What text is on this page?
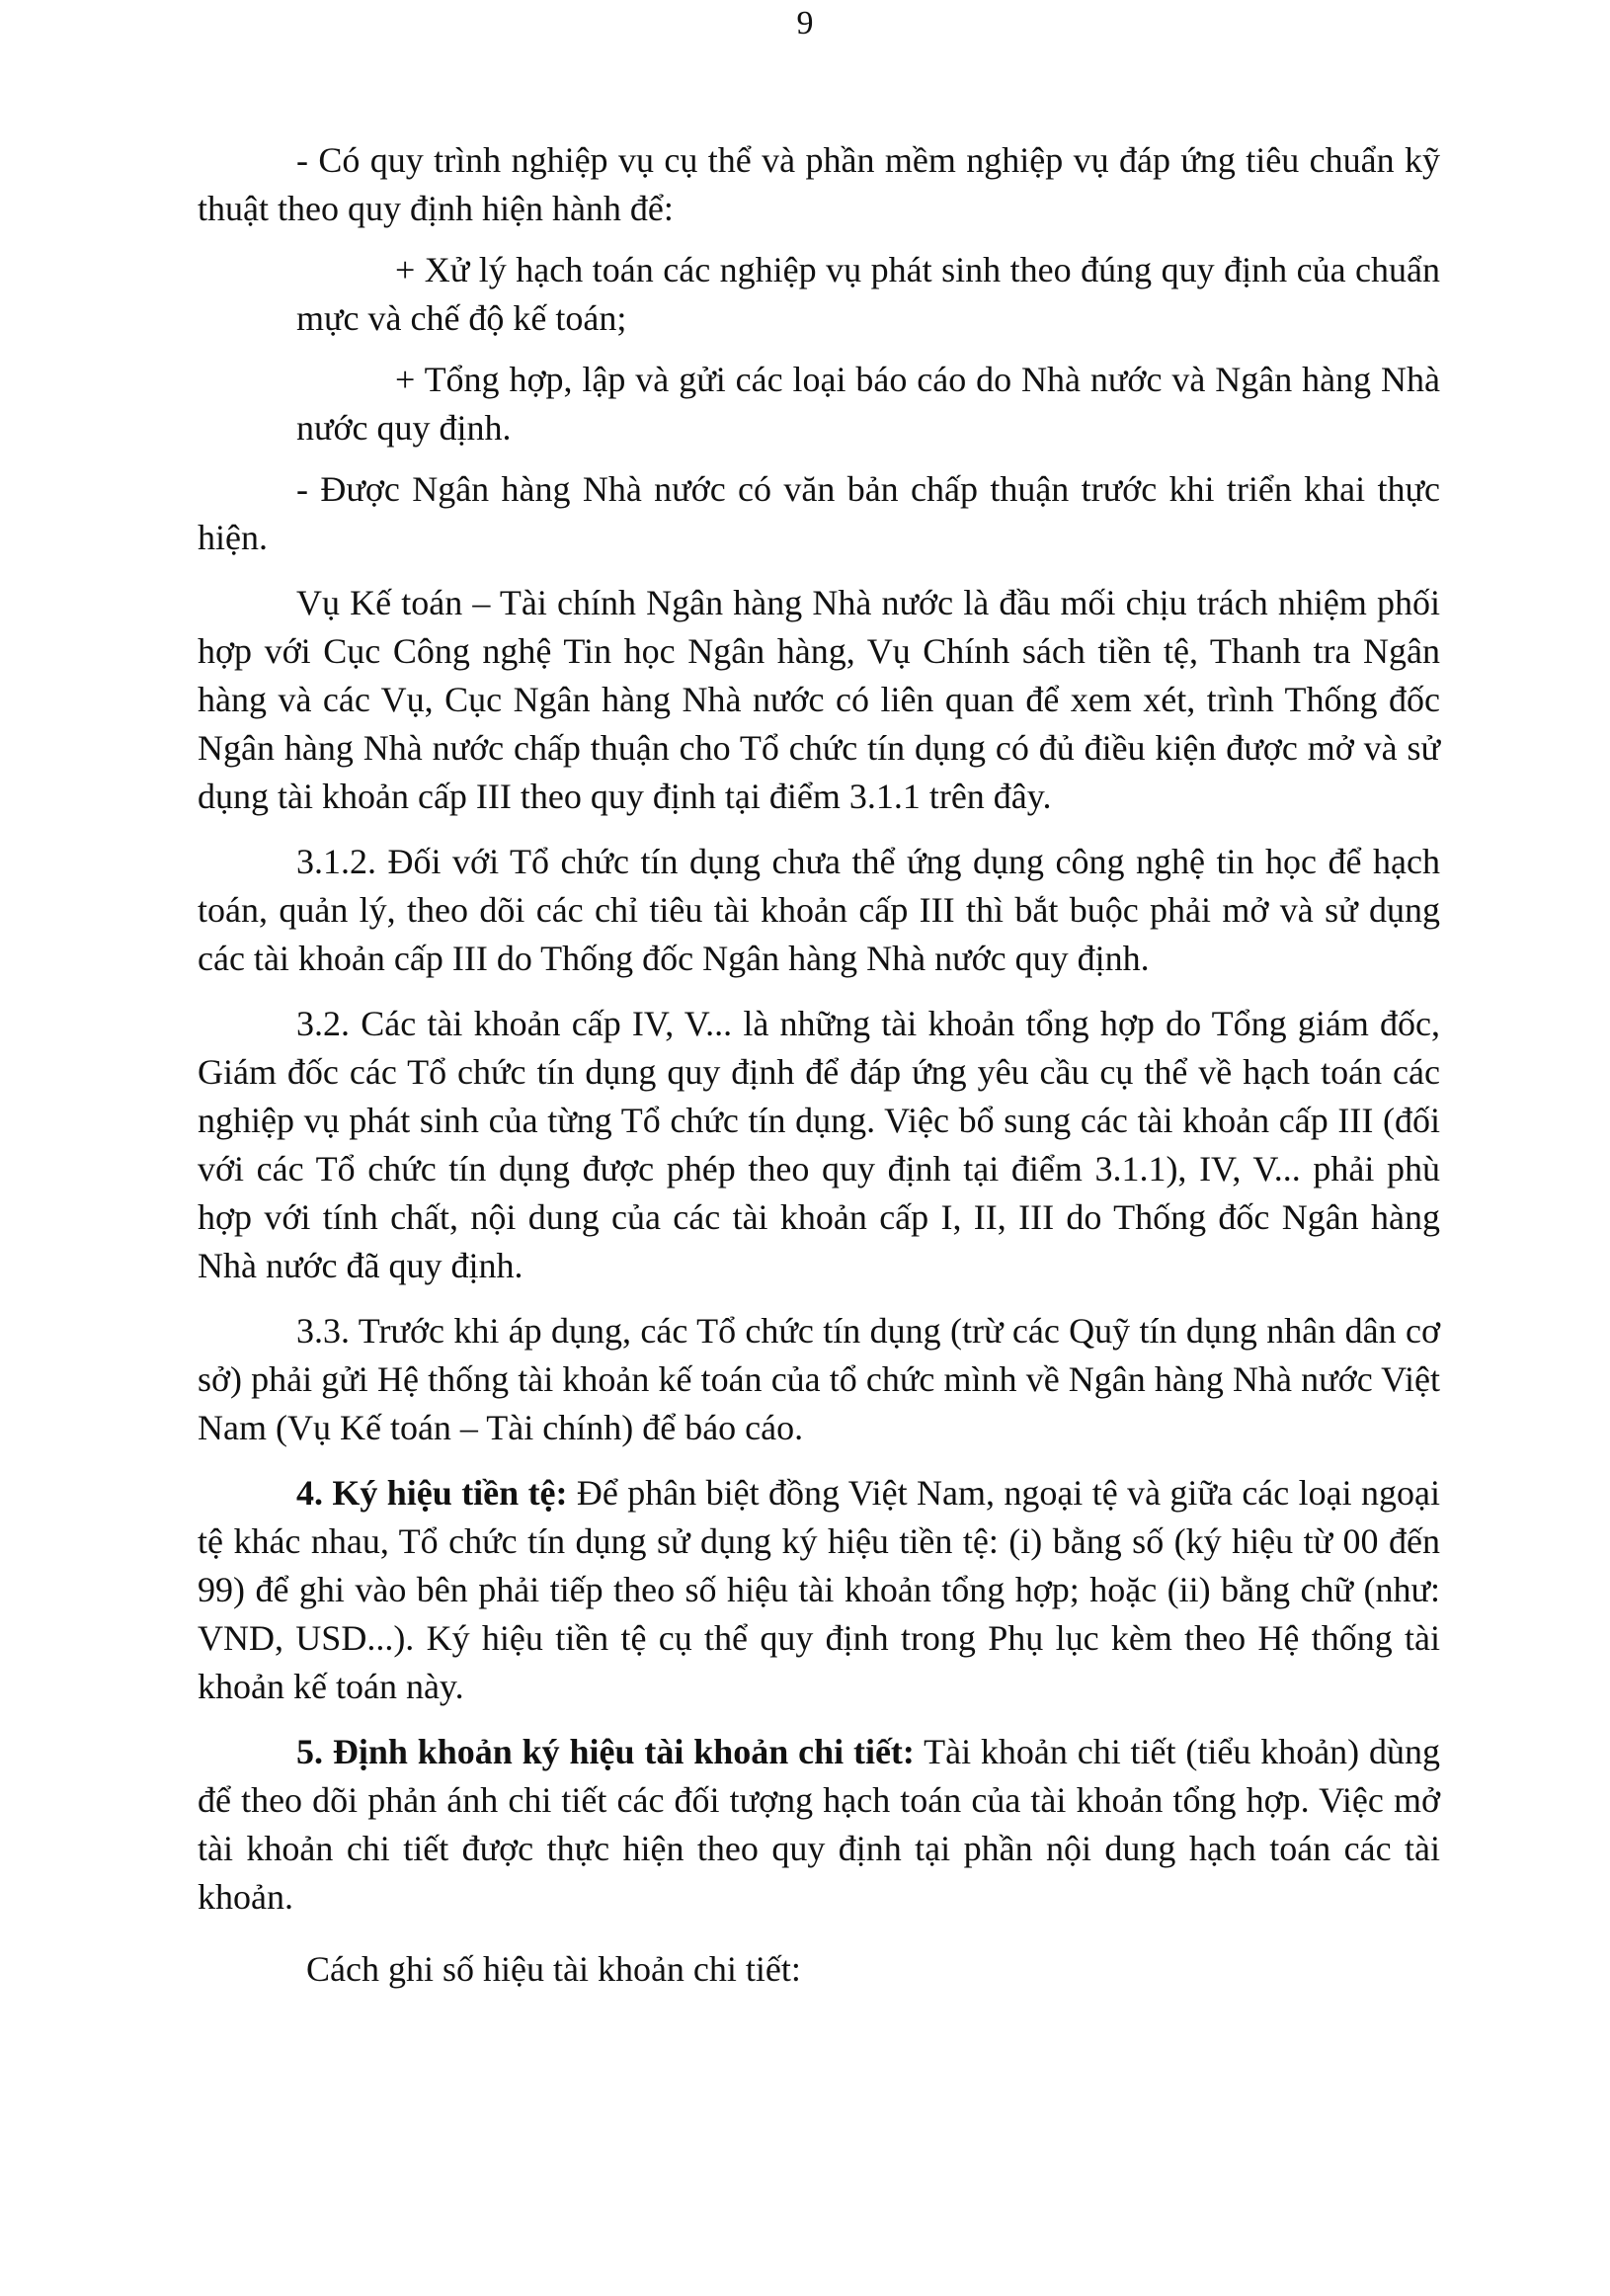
9

- Có quy trình nghiệp vụ cụ thể và phần mềm nghiệp vụ đáp ứng tiêu chuẩn kỹ thuật theo quy định hiện hành để:

+ Xử lý hạch toán các nghiệp vụ phát sinh theo đúng quy định của chuẩn mực và chế độ kế toán;

+ Tổng hợp, lập và gửi các loại báo cáo do Nhà nước và Ngân hàng Nhà nước quy định.

- Được Ngân hàng Nhà nước có văn bản chấp thuận trước khi triển khai thực hiện.

Vụ Kế toán – Tài chính Ngân hàng Nhà nước là đầu mối chịu trách nhiệm phối hợp với Cục Công nghệ Tin học Ngân hàng, Vụ Chính sách tiền tệ, Thanh tra Ngân hàng và các Vụ, Cục Ngân hàng Nhà nước có liên quan để xem xét, trình Thống đốc Ngân hàng Nhà nước chấp thuận cho Tổ chức tín dụng có đủ điều kiện được mở và sử dụng tài khoản cấp III theo quy định tại điểm 3.1.1 trên đây.

3.1.2. Đối với Tổ chức tín dụng chưa thể ứng dụng công nghệ tin học để hạch toán, quản lý, theo dõi các chỉ tiêu tài khoản cấp III thì bắt buộc phải mở và sử dụng các tài khoản cấp III do Thống đốc Ngân hàng Nhà nước quy định.

3.2. Các tài khoản cấp IV, V... là những tài khoản tổng hợp do Tổng giám đốc, Giám đốc các Tổ chức tín dụng quy định để đáp ứng yêu cầu cụ thể về hạch toán các nghiệp vụ phát sinh của từng Tổ chức tín dụng. Việc bổ sung các tài khoản cấp III (đối với các Tổ chức tín dụng được phép theo quy định tại điểm 3.1.1), IV, V... phải phù hợp với tính chất, nội dung của các tài khoản cấp I, II, III do Thống đốc Ngân hàng Nhà nước đã quy định.

3.3. Trước khi áp dụng, các Tổ chức tín dụng (trừ các Quỹ tín dụng nhân dân cơ sở) phải gửi Hệ thống tài khoản kế toán của tổ chức mình về Ngân hàng Nhà nước Việt Nam (Vụ Kế toán – Tài chính) để báo cáo.

4. Ký hiệu tiền tệ: Để phân biệt đồng Việt Nam, ngoại tệ và giữa các loại ngoại tệ khác nhau, Tổ chức tín dụng sử dụng ký hiệu tiền tệ: (i) bằng số (ký hiệu từ 00 đến 99) để ghi vào bên phải tiếp theo số hiệu tài khoản tổng hợp; hoặc (ii) bằng chữ (như: VND, USD...). Ký hiệu tiền tệ cụ thể quy định trong Phụ lục kèm theo Hệ thống tài khoản kế toán này.

5. Định khoản ký hiệu tài khoản chi tiết: Tài khoản chi tiết (tiểu khoản) dùng để theo dõi phản ánh chi tiết các đối tượng hạch toán của tài khoản tổng hợp. Việc mở tài khoản chi tiết được thực hiện theo quy định tại phần nội dung hạch toán các tài khoản.

Cách ghi số hiệu tài khoản chi tiết:
